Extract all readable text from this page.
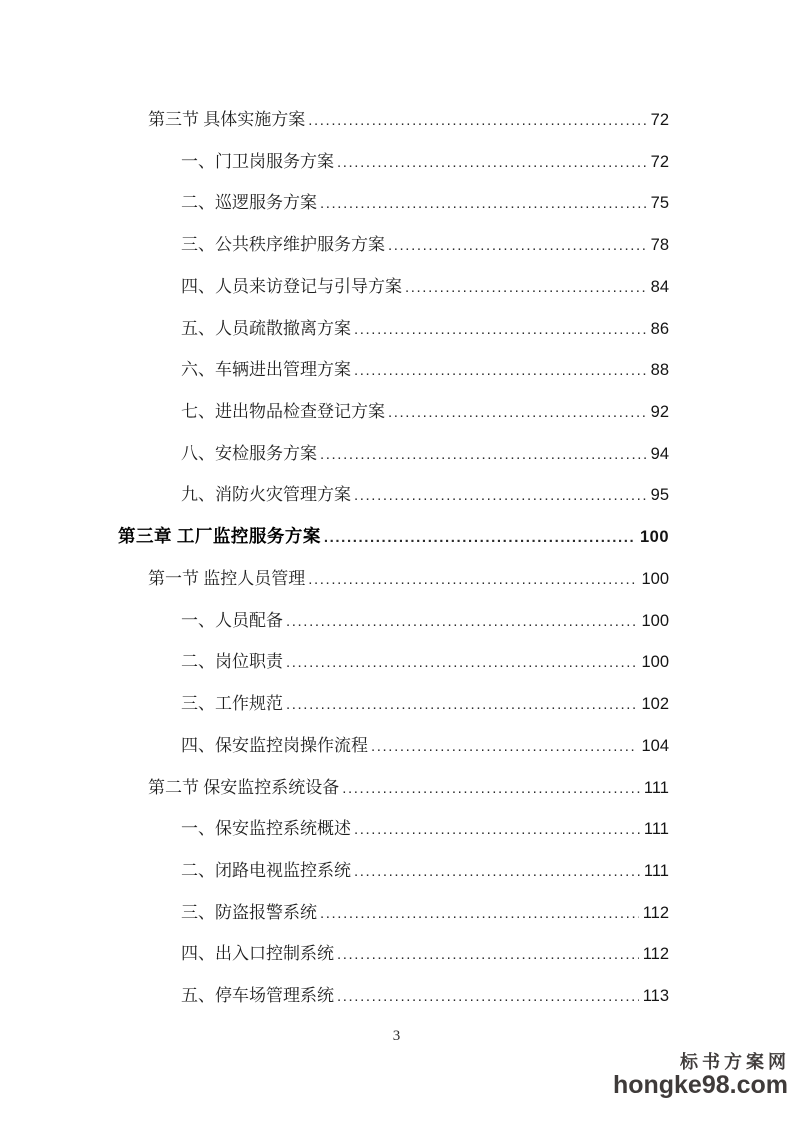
第三节 具体实施方案 .....	72
一、门卫岗服务方案 .....	72
二、巡逻服务方案 .....	75
三、公共秩序维护服务方案 .....	78
四、人员来访登记与引导方案 .....	84
五、人员疏散撤离方案 .....	86
六、车辆进出管理方案 .....	88
七、进出物品检查登记方案 .....	92
八、安检服务方案 .....	94
九、消防火灾管理方案 .....	95
第三章 工厂监控服务方案 .....	100
第一节 监控人员管理 .....	100
一、人员配备 .....	100
二、岗位职责 .....	100
三、工作规范 .....	102
四、保安监控岗操作流程 .....	104
第二节 保安监控系统设备 .....	111
一、保安监控系统概述 .....	111
二、闭路电视监控系统 .....	111
三、防盗报警系统 .....	112
四、出入口控制系统 .....	112
五、停车场管理系统 .....	113
3
标书方案网
hongke98.com
